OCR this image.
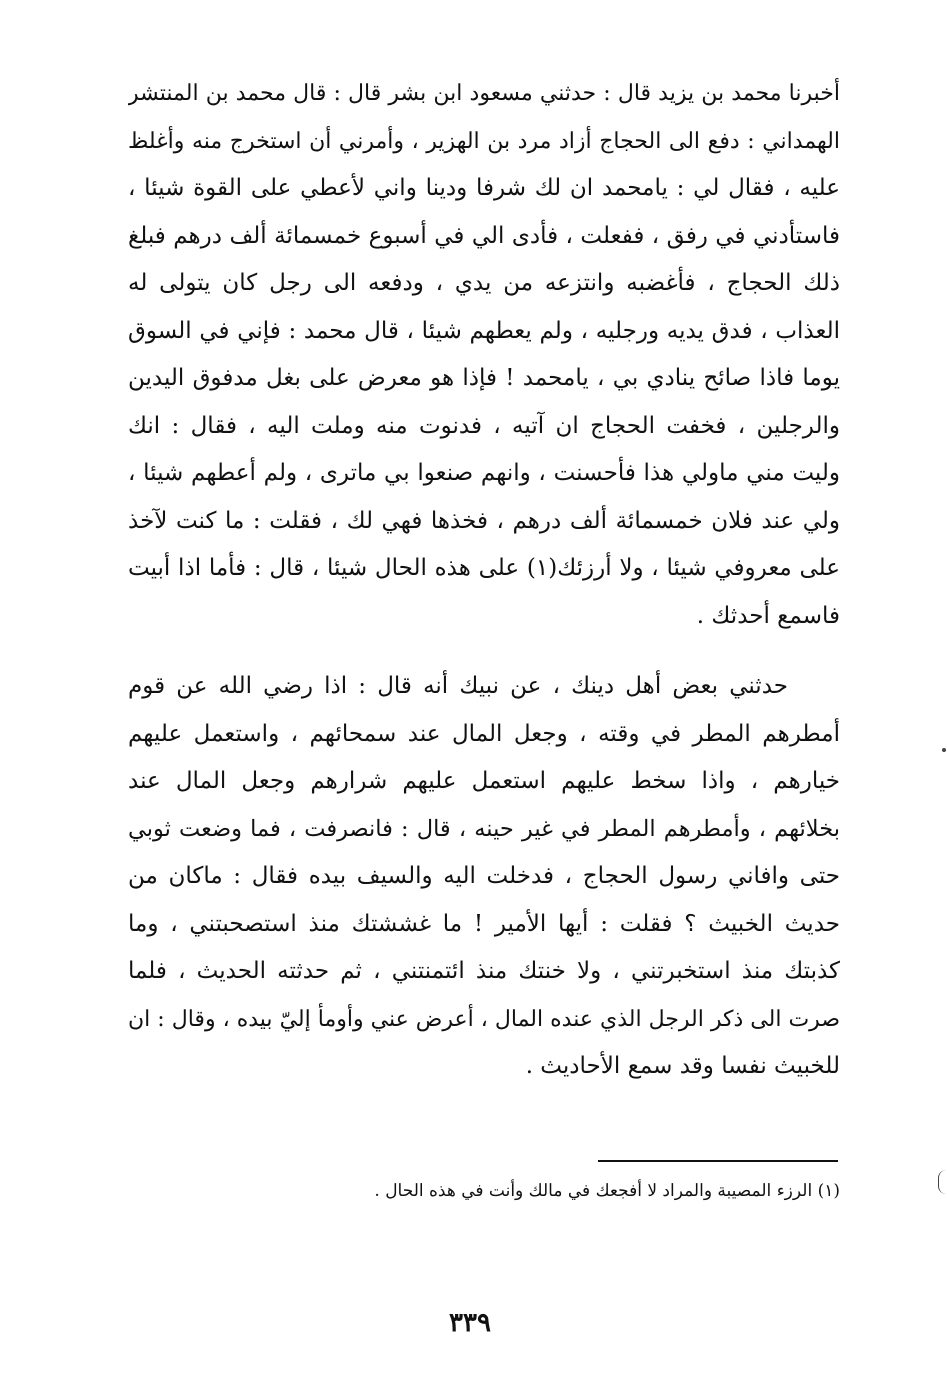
أخبرنا محمد بن يزيد قال : حدثني مسعود ابن بشر قال : قال محمد بن المنتشر
الهمداني : دفع الى الحجاج أزاد مرد بن الهزير ، وأمرني أن استخرج منه وأغلظ
عليه ، فقال لي : يامحمد ان لك شرفا ودينا واني لأعطي على القوة شيئا ،
فاستأدني في رفق ، ففعلت ، فأدى الي في أسبوع خمسمائة ألف درهم فبلغ
ذلك الحجاج ، فأغضبه وانتزعه من يدي ، ودفعه الى رجل كان يتولى له
العذاب ، فدق يديه ورجليه ، ولم يعطهم شيئا ، قال محمد : فإني في السوق
يوما فاذا صائح ينادي بي ، يامحمد ! فإذا هو معرض على بغل مدفوق اليدين
والرجلين ، فخفت الحجاج ان آتيه ، فدنوت منه وملت اليه ، فقال : انك
وليت مني ماولي هذا فأحسنت ، وانهم صنعوا بي ماترى ، ولم أعطهم شيئا ،
ولي عند فلان خمسمائة ألف درهم ، فخذها فهي لك ، فقلت : ما كنت لآخذ
على معروفي شيئا ، ولا أرزئك(١) على هذه الحال شيئا ، قال : فأما اذا أبيت
فاسمع أحدثك .
حدثني بعض أهل دينك ، عن نبيك أنه قال : اذا رضي الله عن قوم
أمطرهم المطر في وقته ، وجعل المال عند سمحائهم ، واستعمل عليهم
خيارهم ، واذا سخط عليهم استعمل عليهم شرارهم وجعل المال عند
بخلائهم ، وأمطرهم المطر في غير حينه ، قال : فانصرفت ، فما وضعت ثوبي
حتى وافاني رسول الحجاج ، فدخلت اليه والسيف بيده فقال : ماكان من
حديث الخبيث ؟ فقلت : أيها الأمير ! ما غششتك منذ استصحبتني ، وما
كذبتك منذ استخبرتني ، ولا خنتك منذ ائتمنتني ، ثم حدثته الحديث ، فلما
صرت الى ذكر الرجل الذي عنده المال ، أعرض عني وأومأ إليّ بيده ، وقال : ان
للخبيث نفسا وقد سمع الأحاديث .
(١) الرزء المصيبة والمراد لا أفجعك في مالك وأنت في هذه الحال .
٣٣٩
